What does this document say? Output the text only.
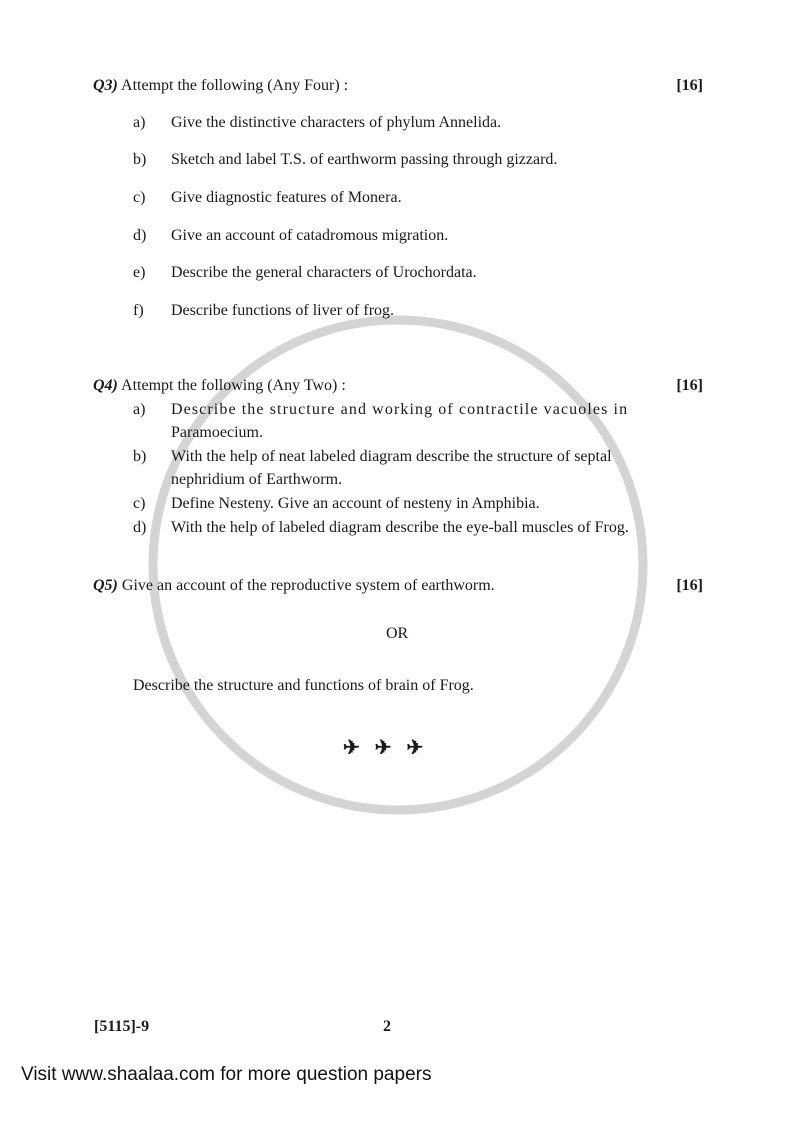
Q3) Attempt the following (Any Four) :	[16]
a) Give the distinctive characters of phylum Annelida.
b) Sketch and label T.S. of earthworm passing through gizzard.
c) Give diagnostic features of Monera.
d) Give an account of catadromous migration.
e) Describe the general characters of Urochordata.
f) Describe functions of liver of frog.
Q4) Attempt the following (Any Two) :	[16]
a) Describe the structure and working of contractile vacuoles in
Paramoecium.
b) With the help of neat labeled diagram describe the structure of septal
nephridium of Earthworm.
c) Define Nesteny. Give an account of nesteny in Amphibia.
d) With the help of labeled diagram describe the eye-ball muscles of Frog.
Q5) Give an account of the reproductive system of earthworm.	[16]
OR
Describe the structure and functions of brain of Frog.
✈   ✈   ✈
[5115]-9	2
Visit www.shaalaa.com for more question papers
